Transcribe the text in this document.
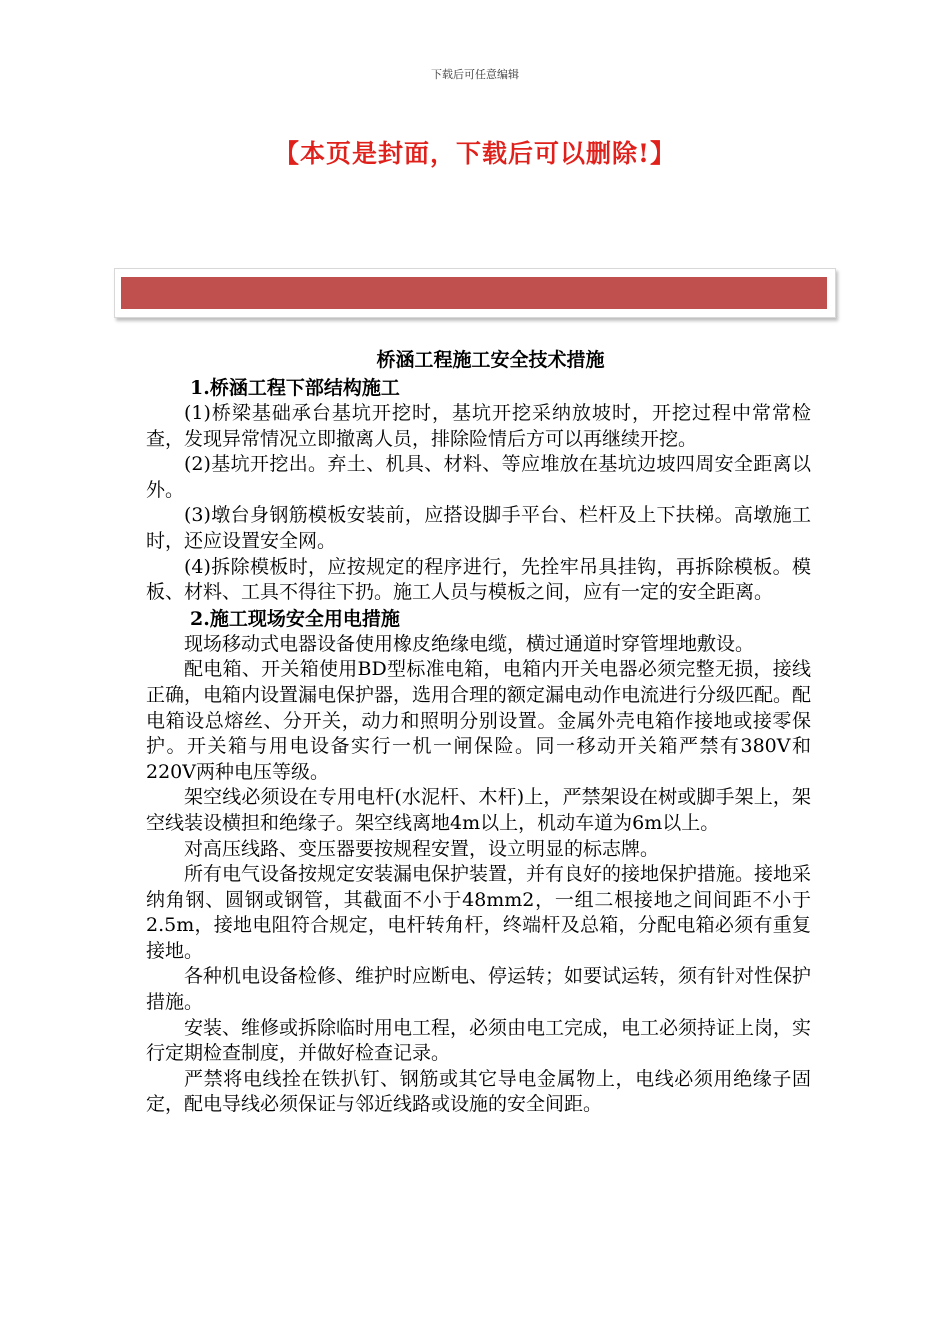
下载后可任意编辑
【本页是封面，下载后可以删除!】
桥涵工程施工安全技术措施
1.桥涵工程下部结构施工

(1)桥梁基础承台基坑开挖时，基坑开挖采纳放坡时，开挖过程中常常检查，发现异常情况立即撤离人员，排除险情后方可以再继续开挖。

(2)基坑开挖出。弃土、机具、材料、等应堆放在基坑边坡四周安全距离以外。

(3)墩台身钢筋模板安装前，应搭设脚手平台、栏杆及上下扶梯。高墩施工时，还应设置安全网。

(4)拆除模板时，应按规定的程序进行，先拴牢吊具挂钩，再拆除模板。模板、材料、工具不得往下扔。施工人员与模板之间，应有一定的安全距离。

2.施工现场安全用电措施

现场移动式电器设备使用橡皮绝缘电缆，横过通道时穿管埋地敷设。

配电箱、开关箱使用BD型标准电箱，电箱内开关电器必须完整无损，接线正确，电箱内设置漏电保护器，选用合理的额定漏电动作电流进行分级匹配。配电箱设总熔丝、分开关，动力和照明分别设置。金属外壳电箱作接地或接零保护。开关箱与用电设备实行一机一闸保险。同一移动开关箱严禁有380V和220V两种电压等级。

架空线必须设在专用电杆(水泥杆、木杆)上，严禁架设在树或脚手架上，架空线装设横担和绝缘子。架空线离地4m以上，机动车道为6m以上。

对高压线路、变压器要按规程安置，设立明显的标志牌。

所有电气设备按规定安装漏电保护装置，并有良好的接地保护措施。接地采纳角钢、圆钢或钢管，其截面不小于48mm2，一组二根接地之间间距不小于2.5m，接地电阻符合规定，电杆转角杆，终端杆及总箱，分配电箱必须有重复接地。

各种机电设备检修、维护时应断电、停运转；如要试运转，须有针对性保护措施。

安装、维修或拆除临时用电工程，必须由电工完成，电工必须持证上岗，实行定期检查制度，并做好检查记录。

严禁将电线拴在铁扒钉、钢筋或其它导电金属物上，电线必须用绝缘子固定，配电导线必须保证与邻近线路或设施的安全间距。
